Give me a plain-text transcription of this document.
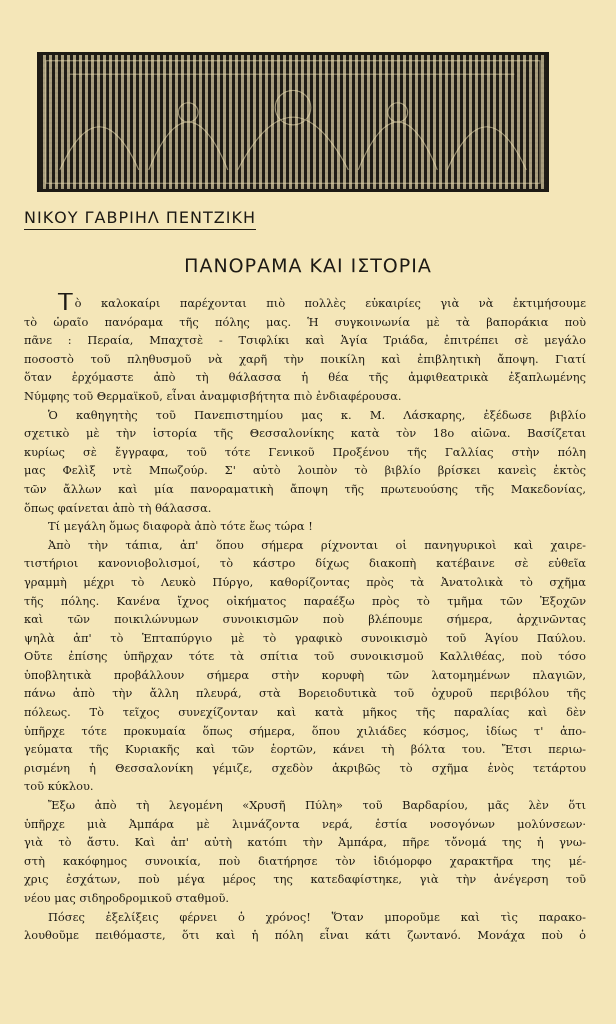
ΝΙΚΟΥ ΓΑΒΡΙΗΛ ΠΕΝΤΖΙΚΗ
ΠΑΝΟΡΑΜΑ ΚΑΙ ΙΣΤΟΡΙΑ
Τὸ καλοκαίρι παρέχονται πιὸ πολλὲς εὐκαιρίες γιὰ νὰ ἐκτιμήσουμε
τὸ ὡραῖο πανόραμα τῆς πόλης μας. Ἡ συγκοινωνία μὲ τὰ βαποράκια ποὺ
πᾶνε : Περαία, Μπαχτσὲ - Τσιφλίκι καὶ Ἁγία Τριάδα, ἐπιτρέπει σὲ μεγάλο
ποσοστὸ τοῦ πληθυσμοῦ νὰ χαρῆ τὴν ποικίλη καὶ ἐπιβλητικὴ ἄποψη. Γιατί
ὅταν ἐρχόμαστε ἀπὸ τὴ θάλασσα ἡ θέα τῆς ἀμφιθεατρικὰ ἐξαπλωμένης
Νύμφης τοῦ Θερμαϊκοῦ, εἶναι ἀναμφισβήτητα πιὸ ἐνδιαφέρουσα.
Ὁ καθηγητὴς τοῦ Πανεπιστημίου μας κ. Μ. Λάσκαρης, ἐξέδωσε βιβλίο
σχετικὸ μὲ τὴν ἱστορία τῆς Θεσσαλονίκης κατὰ τὸν 18ο αἰῶνα. Βασίζεται
κυρίως σὲ ἔγγραφα, τοῦ τότε Γενικοῦ Προξένου τῆς Γαλλίας στὴν πόλη
μας Φελὶξ ντὲ Μπωζούρ. Σ' αὐτὸ λοιπὸν τὸ βιβλίο βρίσκει κανεὶς ἐκτὸς
τῶν ἄλλων καὶ μία πανοραματικὴ ἄποψη τῆς πρωτευούσης τῆς Μακεδονίας,
ὅπως φαίνεται ἀπὸ τὴ θάλασσα.
Τί μεγάλη ὅμως διαφορὰ ἀπὸ τότε ἕως τώρα !
Ἀπὸ τὴν τάπια, ἀπ' ὅπου σήμερα ρίχνονται οἱ πανηγυρικοὶ καὶ χαιρε-
τιστήριοι κανονιοβολισμοί, τὸ κάστρο δίχως διακοπὴ κατέβαινε σὲ εὐθεῖα
γραμμὴ μέχρι τὸ Λευκὸ Πύργο, καθορίζοντας πρὸς τὰ Ἀνατολικὰ τὸ σχῆμα
τῆς πόλης. Κανένα ἴχνος οἰκήματος παραέξω πρὸς τὸ τμῆμα τῶν Ἐξοχῶν
καὶ τῶν ποικιλώνυμων συνοικισμῶν ποὺ βλέπουμε σήμερα, ἀρχινῶντας
ψηλὰ ἀπ' τὸ Ἑπταπύργιο μὲ τὸ γραφικὸ συνοικισμὸ τοῦ Ἁγίου Παύλου.
Οὔτε ἐπίσης ὑπῆρχαν τότε τὰ σπίτια τοῦ συνοικισμοῦ Καλλιθέας, ποὺ τόσο
ὑποβλητικὰ προβάλλουν σήμερα στὴν κορυφὴ τῶν λατομημένων πλαγιῶν,
πάνω ἀπὸ τὴν ἄλλη πλευρά, στὰ Βορειοδυτικὰ τοῦ ὀχυροῦ περιβόλου τῆς
πόλεως. Τὸ τεῖχος συνεχίζονταν καὶ κατὰ μῆκος τῆς παραλίας καὶ δὲν
ὑπῆρχε τότε προκυμαία ὅπως σήμερα, ὅπου χιλιάδες κόσμος, ἰδίως τ' ἀπο-
γεύματα τῆς Κυριακῆς καὶ τῶν ἑορτῶν, κάνει τὴ βόλτα του. Ἔτσι περιω-
ρισμένη ἡ Θεσσαλονίκη γέμιζε, σχεδὸν ἀκριβῶς τὸ σχῆμα ἑνὸς τετάρτου
τοῦ κύκλου.
Ἔξω ἀπὸ τὴ λεγομένη «Χρυσῆ Πύλη» τοῦ Βαρδαρίου, μᾶς λὲν ὅτι
ὑπῆρχε μιὰ Ἀμπάρα μὲ λιμνάζοντα νερά, ἑστία νοσογόνων μολύνσεων·
γιὰ τὸ ἄστυ. Καὶ ἀπ' αὐτὴ κατόπι τὴν Ἀμπάρα, πῆρε τὄνομά της ἡ γνω-
στὴ κακόφημος συνοικία, ποὺ διατήρησε τὸν ἰδιόμορφο χαρακτῆρα της μέ-
χρις ἐσχάτων, ποὺ μέγα μέρος της κατεδαφίστηκε, γιὰ τὴν ἀνέγερση τοῦ
νέου μας σιδηροδρομικοῦ σταθμοῦ.
Πόσες ἐξελίξεις φέρνει ὁ χρόνος! Ὅταν μποροῦμε καὶ τὶς παρακο-
λουθοῦμε πειθόμαστε, ὅτι καὶ ἡ πόλη εἶναι κάτι ζωντανό. Μονάχα ποὺ ὁ
